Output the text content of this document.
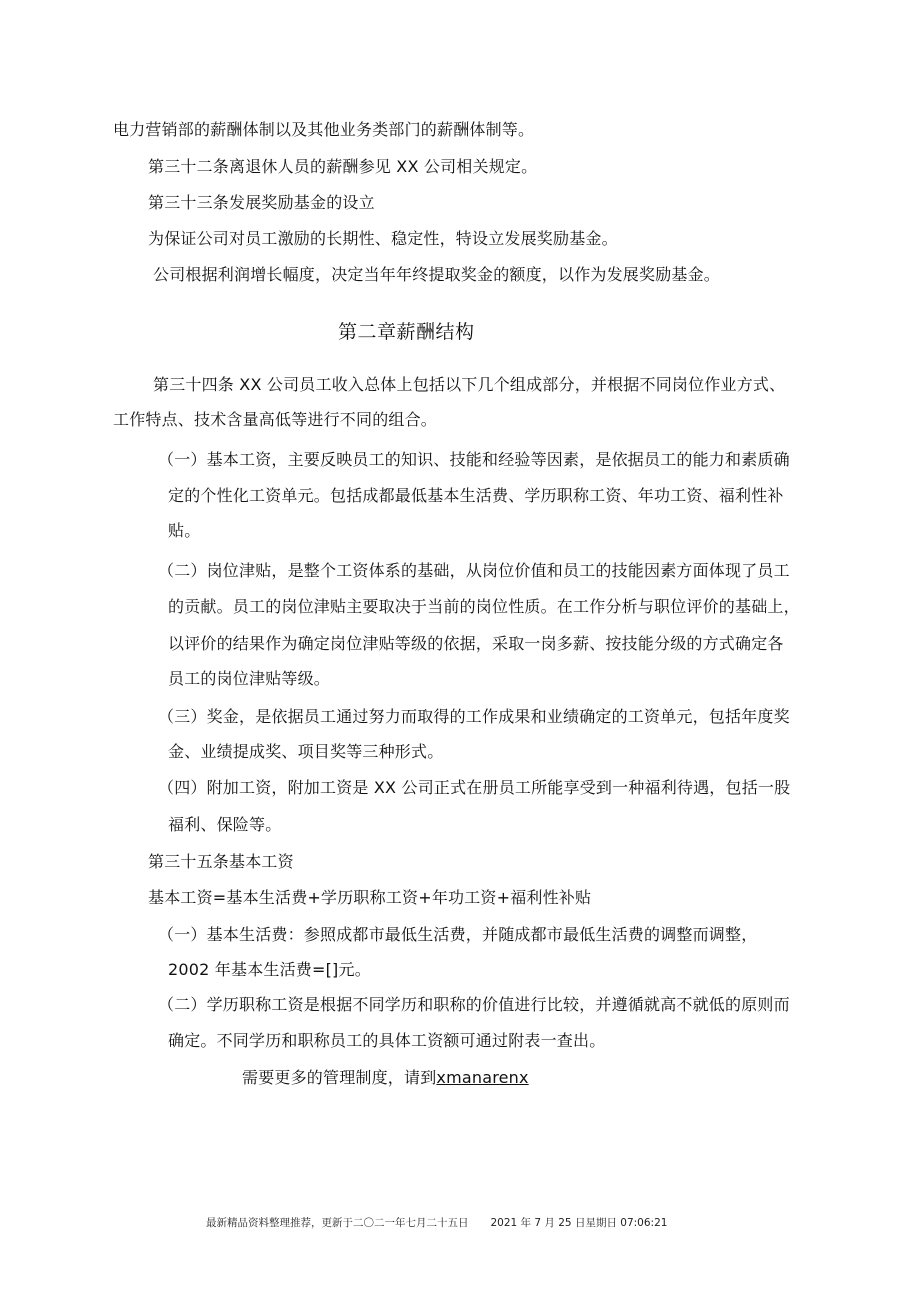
电力营销部的薪酬体制以及其他业务类部门的薪酬体制等。
第三十二条离退休人员的薪酬参见 XX 公司相关规定。
第三十三条发展奖励基金的设立
为保证公司对员工激励的长期性、稳定性，特设立发展奖励基金。
公司根据利润增长幅度，决定当年年终提取奖金的额度，以作为发展奖励基金。
第二章薪酬结构
第三十四条 XX 公司员工收入总体上包括以下几个组成部分，并根据不同岗位作业方式、
工作特点、技术含量高低等进行不同的组合。
（一）基本工资，主要反映员工的知识、技能和经验等因素，是依据员工的能力和素质确
定的个性化工资单元。包括成都最低基本生活费、学历职称工资、年功工资、福利性补
贴。
（二）岗位津贴，是整个工资体系的基础，从岗位价值和员工的技能因素方面体现了员工
的贡献。员工的岗位津贴主要取决于当前的岗位性质。在工作分析与职位评价的基础上，
以评价的结果作为确定岗位津贴等级的依据，采取一岗多薪、按技能分级的方式确定各
员工的岗位津贴等级。
（三）奖金，是依据员工通过努力而取得的工作成果和业绩确定的工资单元，包括年度奖
金、业绩提成奖、项目奖等三种形式。
（四）附加工资，附加工资是 XX 公司正式在册员工所能享受到一种福利待遇，包括一股
福利、保险等。
第三十五条基本工资
基本工资=基本生活费+学历职称工资+年功工资+福利性补贴
（一）基本生活费：参照成都市最低生活费，并随成都市最低生活费的调整而调整，
2002 年基本生活费=[]元。
（二）学历职称工资是根据不同学历和职称的价值进行比较，并遵循就高不就低的原则而
确定。不同学历和职称员工的具体工资额可通过附表一查出。
需要更多的管理制度，请到xmanarenx
最新精品资料整理推荐，更新于二〇二一年七月二十五日 2021 年 7 月 25 日星期日 07:06:21
